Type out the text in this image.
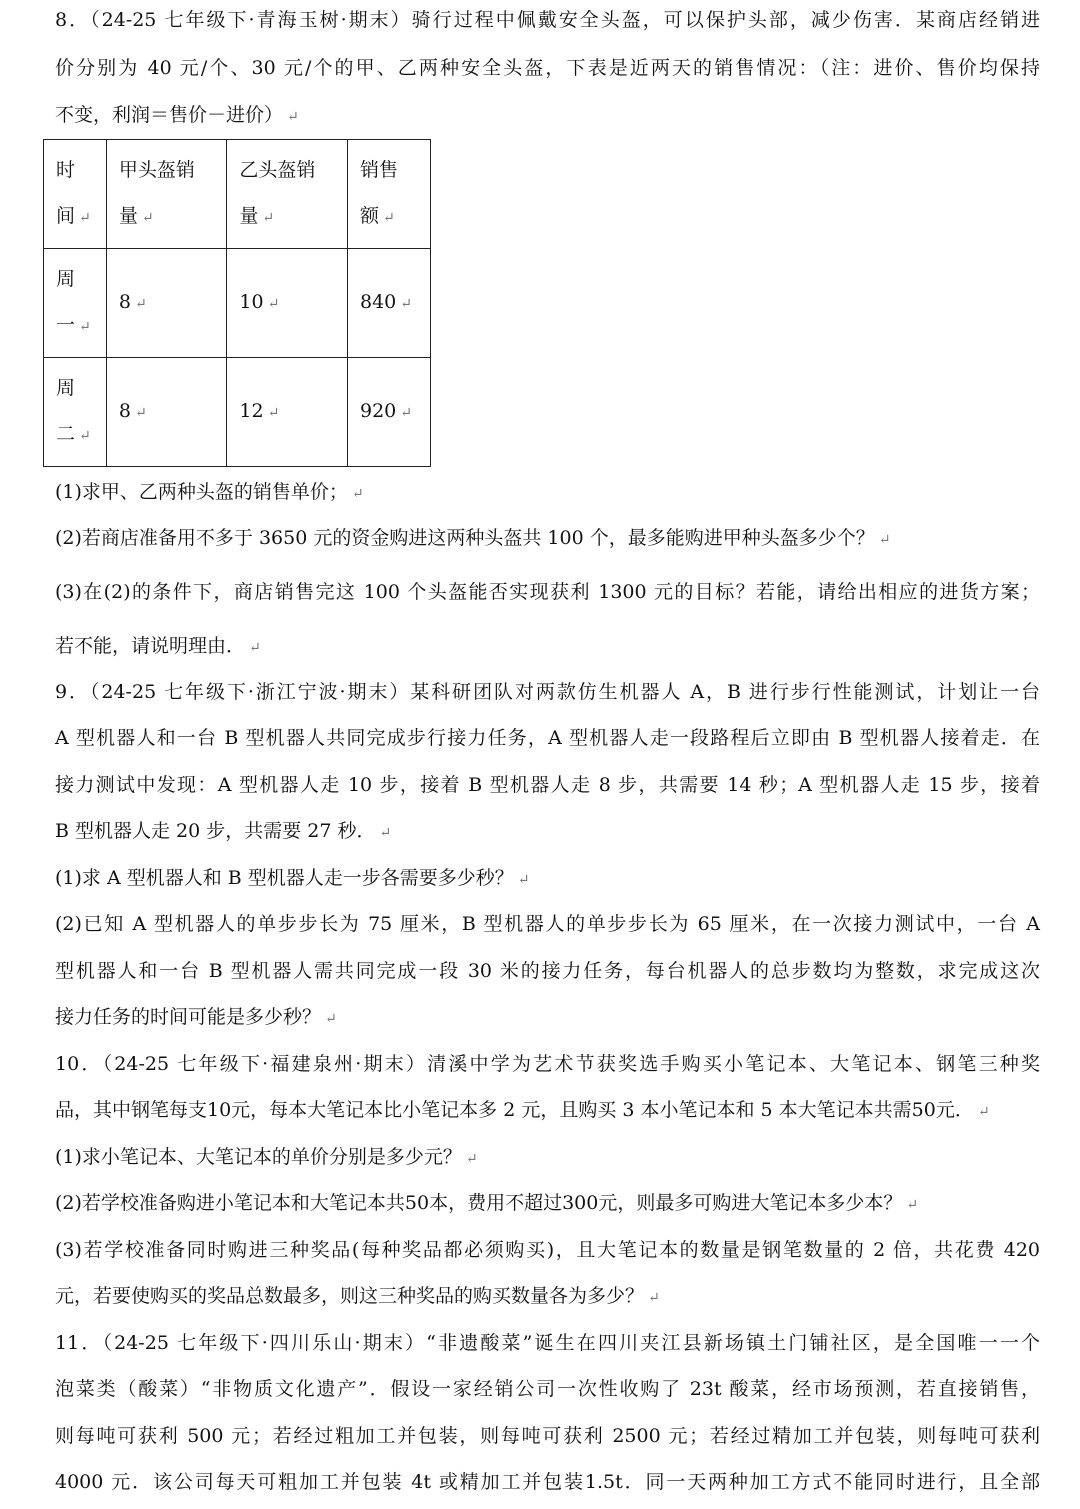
8．（24-25 七年级下·青海玉树·期末）骑行过程中佩戴安全头盔，可以保护头部，减少伤害．某商店经销进
价分别为 40 元/个、30 元/个的甲、乙两种安全头盔，下表是近两天的销售情况：（注：进价、售价均保持
不变，利润＝售价－进价） ↵
时
间 ↵	甲头盔销
量 ↵	乙头盔销
量 ↵	销售
额 ↵
周
一 ↵	8 ↵	10 ↵	840 ↵
周
二 ↵	8 ↵	12 ↵	920 ↵
(1)求甲、乙两种头盔的销售单价； ↵
(2)若商店准备用不多于 3650 元的资金购进这两种头盔共 100 个，最多能购进甲种头盔多少个？ ↵
(3)在(2)的条件下，商店销售完这 100 个头盔能否实现获利 1300 元的目标？若能，请给出相应的进货方案；
若不能，请说明理由． ↵
9．（24-25 七年级下·浙江宁波·期末）某科研团队对两款仿生机器人 A，B 进行步行性能测试，计划让一台
A 型机器人和一台 B 型机器人共同完成步行接力任务，A 型机器人走一段路程后立即由 B 型机器人接着走．在
接力测试中发现：A 型机器人走 10 步，接着 B 型机器人走 8 步，共需要 14 秒；A 型机器人走 15 步，接着
B 型机器人走 20 步，共需要 27 秒． ↵
(1)求 A 型机器人和 B 型机器人走一步各需要多少秒？ ↵
(2)已知 A 型机器人的单步步长为 75 厘米，B 型机器人的单步步长为 65 厘米，在一次接力测试中，一台 A
型机器人和一台 B 型机器人需共同完成一段 30 米的接力任务，每台机器人的总步数均为整数，求完成这次
接力任务的时间可能是多少秒？ ↵
10．（24-25 七年级下·福建泉州·期末）清溪中学为艺术节获奖选手购买小笔记本、大笔记本、钢笔三种奖
品，其中钢笔每支10元，每本大笔记本比小笔记本多 2 元，且购买 3 本小笔记本和 5 本大笔记本共需50元． ↵
(1)求小笔记本、大笔记本的单价分别是多少元？ ↵
(2)若学校准备购进小笔记本和大笔记本共50本，费用不超过300元，则最多可购进大笔记本多少本？ ↵
(3)若学校准备同时购进三种奖品(每种奖品都必须购买)，且大笔记本的数量是钢笔数量的 2 倍，共花费 420
元，若要使购买的奖品总数最多，则这三种奖品的购买数量各为多少？ ↵
11．（24-25 七年级下·四川乐山·期末）“非遗酸菜”诞生在四川夹江县新场镇土门铺社区，是全国唯一一个
泡菜类（酸菜）“非物质文化遗产”．假设一家经销公司一次性收购了 23t 酸菜，经市场预测，若直接销售，
则每吨可获利 500 元；若经过粗加工并包装，则每吨可获利 2500 元；若经过精加工并包装，则每吨可获利
4000 元．该公司每天可粗加工并包装 4t 或精加工并包装1.5t．同一天两种加工方式不能同时进行，且全部
